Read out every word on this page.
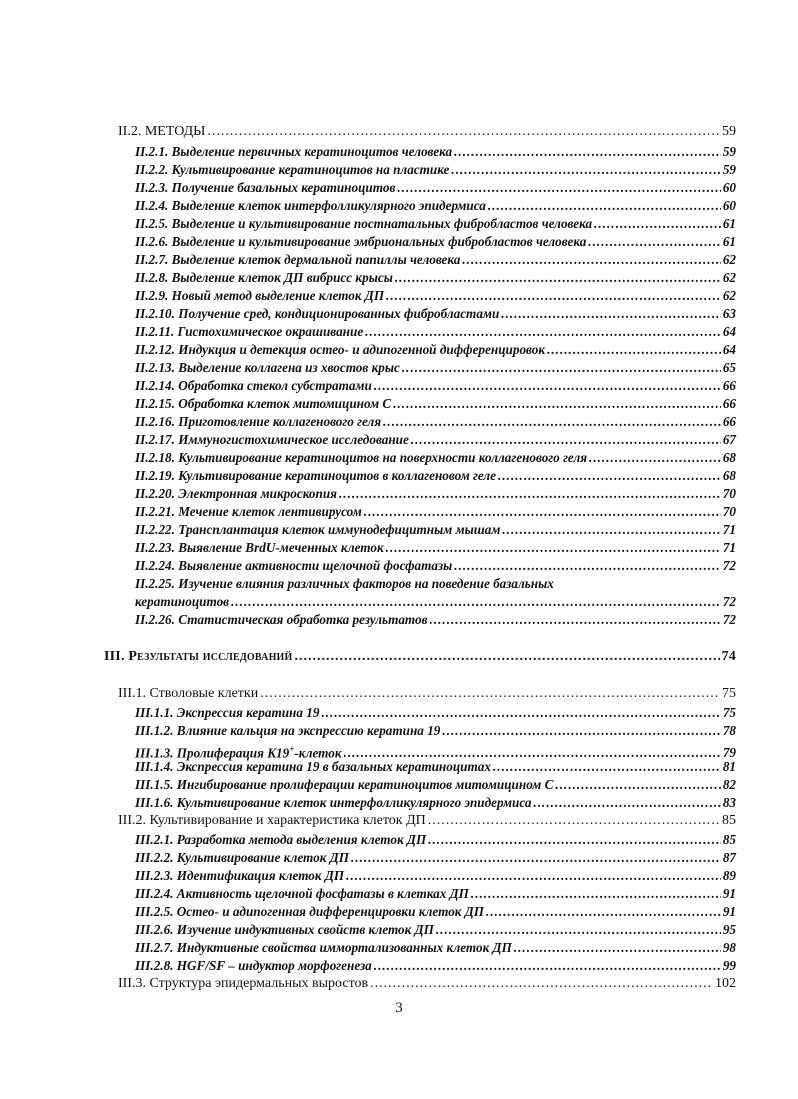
II.2. МЕТОДЫ .....	59
II.2.1. Выделение первичных кератиноцитов человека .....	59
II.2.2. Культивирование кератиноцитов на пластике .....	59
II.2.3. Получение базальных кератиноцитов .....	60
II.2.4. Выделение клеток интерфолликулярного эпидермиса .....	60
II.2.5. Выделение и культивирование постнатальных фибробластов человека .....	61
II.2.6. Выделение и культивирование эмбриональных фибробластов человека .....	61
II.2.7. Выделение клеток дермальной папиллы человека .....	62
II.2.8. Выделение клеток ДП вибрисс крысы .....	62
II.2.9. Новый метод выделение клеток ДП .....	62
II.2.10. Получение сред, кондиционированных фибробластами .....	63
II.2.11. Гистохимическое окрашивание .....	64
II.2.12. Индукция и детекция остео- и адипогенной дифференцировок .....	64
II.2.13. Выделение коллагена из хвостов крыс .....	65
II.2.14. Обработка стекол субстратами .....	66
II.2.15. Обработка клеток митомицином С .....	66
II.2.16. Приготовление коллагенового геля .....	66
II.2.17. Иммуногистохимическое исследование .....	67
II.2.18. Культивирование кератиноцитов на поверхности коллагенового геля .....	68
II.2.19. Культивирование кератиноцитов в коллагеновом геле .....	68
II.2.20. Электронная микроскопия .....	70
II.2.21. Мечение клеток лентивирусом .....	70
II.2.22. Трансплантация клеток иммунодефицитным мышам .....	71
II.2.23. Выявление BrdU-меченных клеток .....	71
II.2.24. Выявление активности щелочной фосфатазы .....	72
II.2.25. Изучение влияния различных факторов на поведение базальных
кератиноцитов .....	72
II.2.26. Статистическая обработка результатов .....	72
III. Результаты исследований .....	74
III.1. Стволовые клетки .....	75
III.1.1. Экспрессия кератина 19 .....	75
III.1.2. Влияние кальция на экспрессию кератина 19 .....	78
III.1.3. Пролиферация K19+-клеток .....	79
III.1.4. Экспрессия кератина 19 в базальных кератиноцитах .....	81
III.1.5. Ингибирование пролиферации кератиноцитов митомицином С .....	82
III.1.6. Культивирование клеток интерфолликулярного эпидермиса .....	83
III.2. Культивирование и характеристика клеток ДП .....	85
III.2.1. Разработка метода выделения клеток ДП .....	85
III.2.2. Культивирование клеток ДП .....	87
III.2.3. Идентификация клеток ДП .....	89
III.2.4. Активность щелочной фосфатазы в клетках ДП .....	91
III.2.5. Остео- и адипогенная дифференцировки клеток ДП .....	91
III.2.6. Изучение индуктивных свойств клеток ДП .....	95
III.2.7. Индуктивные свойства иммортализованных клеток ДП .....	98
III.2.8. HGF/SF – индуктор морфогенеза .....	99
III.3. Структура эпидермальных выростов .....	102
3
